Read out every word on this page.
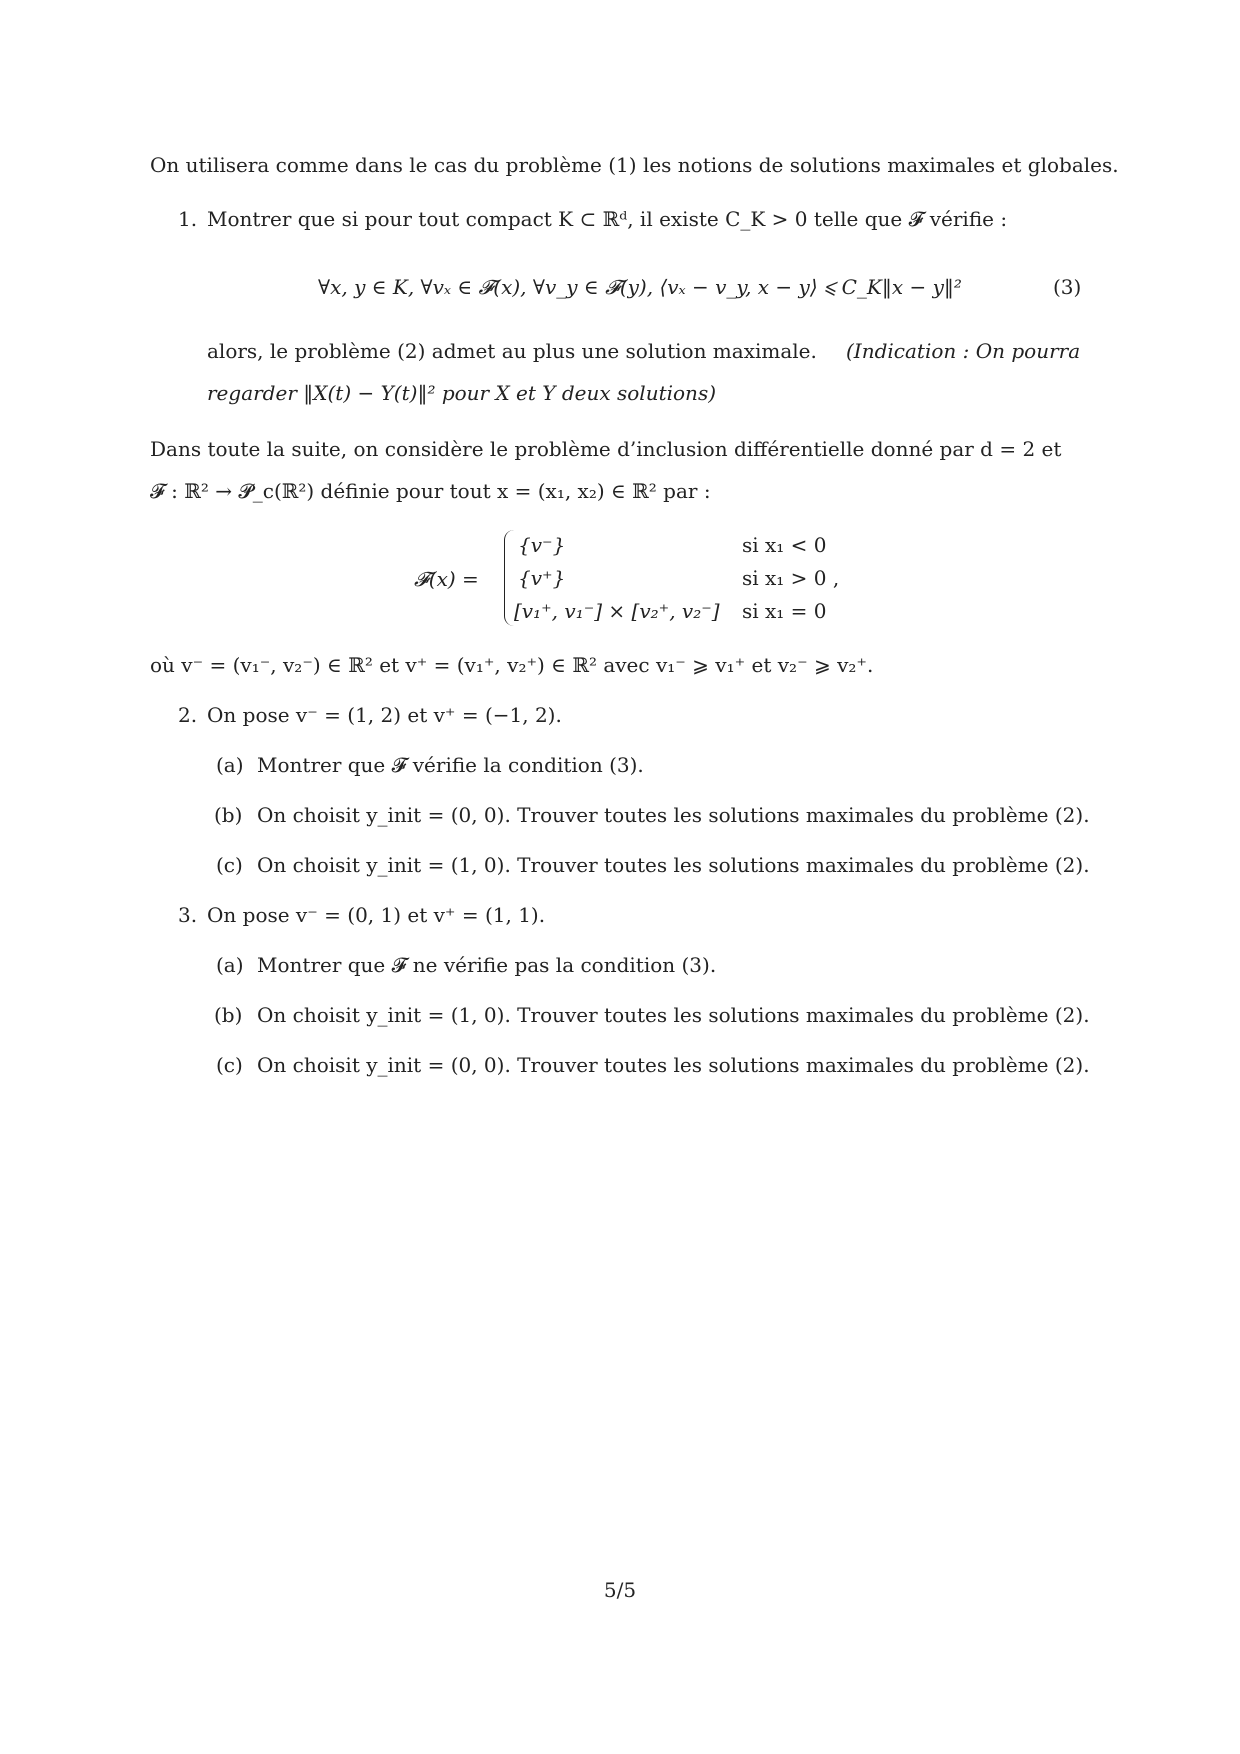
On utilisera comme dans le cas du problème (1) les notions de solutions maximales et globales.
1. Montrer que si pour tout compact K ⊂ ℝᵈ, il existe C_K > 0 telle que 𝓕 vérifie :
∀x, y ∈ K, ∀vₓ ∈ 𝓕(x), ∀v_y ∈ 𝓕(y), ⟨vₓ − v_y, x − y⟩ ⩽ C_K‖x − y‖²	(3)
alors, le problème (2) admet au plus une solution maximale. (Indication : On pourra
regarder ‖X(t) − Y(t)‖² pour X et Y deux solutions)
Dans toute la suite, on considère le problème d’inclusion différentielle donné par d = 2 et
𝓕 : ℝ² → 𝓟_c(ℝ²) définie pour tout x = (x₁, x₂) ∈ ℝ² par :
𝓕(x) =
{v⁻}	si x₁ < 0
{v⁺}	si x₁ > 0 ,
[v₁⁺, v₁⁻] × [v₂⁺, v₂⁻] si x₁ = 0
où v⁻ = (v₁⁻, v₂⁻) ∈ ℝ² et v⁺ = (v₁⁺, v₂⁺) ∈ ℝ² avec v₁⁻ ⩾ v₁⁺ et v₂⁻ ⩾ v₂⁺.
2. On pose v⁻ = (1, 2) et v⁺ = (−1, 2).
(a) Montrer que 𝓕 vérifie la condition (3).
(b) On choisit y_init = (0, 0). Trouver toutes les solutions maximales du problème (2).
(c) On choisit y_init = (1, 0). Trouver toutes les solutions maximales du problème (2).
3. On pose v⁻ = (0, 1) et v⁺ = (1, 1).
(a) Montrer que 𝓕 ne vérifie pas la condition (3).
(b) On choisit y_init = (1, 0). Trouver toutes les solutions maximales du problème (2).
(c) On choisit y_init = (0, 0). Trouver toutes les solutions maximales du problème (2).
5/5
